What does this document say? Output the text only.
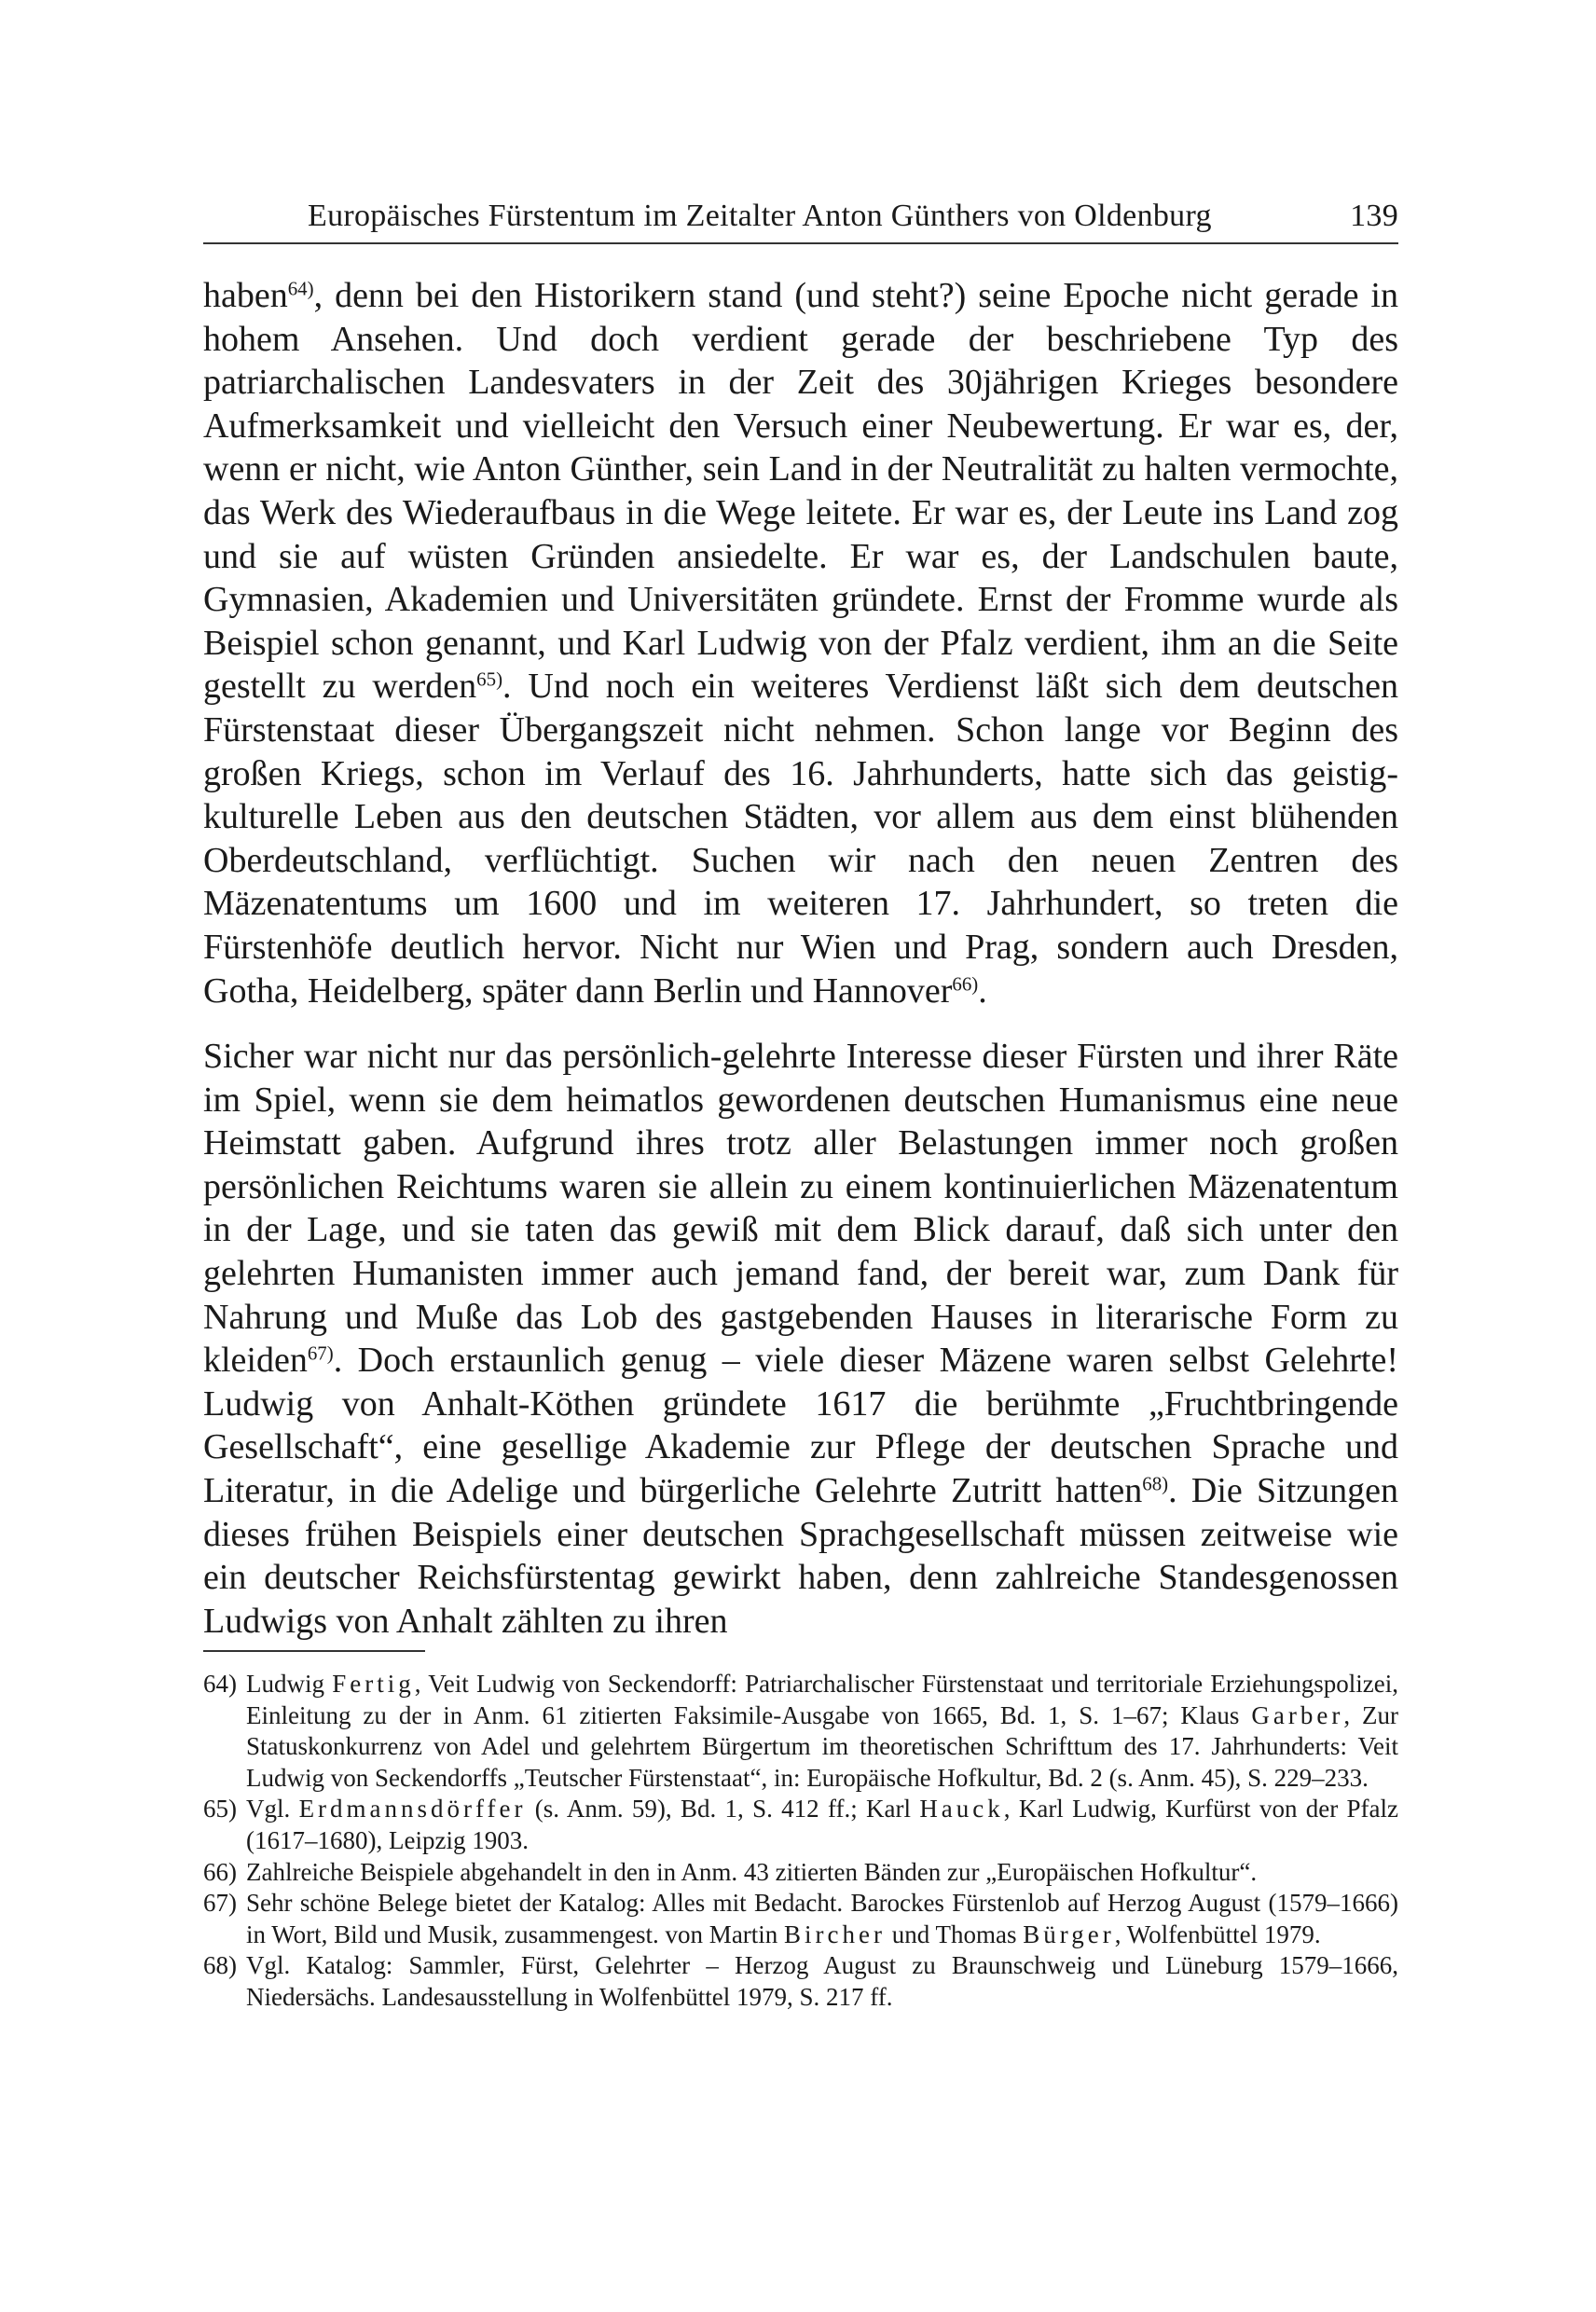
Europäisches Fürstentum im Zeitalter Anton Günthers von Oldenburg	139

haben$^{64)}$, denn bei den Historikern stand (und steht?) seine Epoche nicht gerade in hohem Ansehen. Und doch verdient gerade der beschriebene Typ des patriarchalischen Landesvaters in der Zeit des 30jährigen Krieges besondere Aufmerksamkeit und vielleicht den Versuch einer Neubewertung. Er war es, der, wenn er nicht, wie Anton Günther, sein Land in der Neutralität zu halten vermochte, das Werk des Wiederaufbaus in die Wege leitete. Er war es, der Leute ins Land zog und sie auf wüsten Gründen ansiedelte. Er war es, der Landschulen baute, Gymnasien, Akademien und Universitäten gründete. Ernst der Fromme wurde als Beispiel schon genannt, und Karl Ludwig von der Pfalz verdient, ihm an die Seite gestellt zu werden$^{65)}$. Und noch ein weiteres Verdienst läßt sich dem deutschen Fürstenstaat dieser Übergangszeit nicht nehmen. Schon lange vor Beginn des großen Kriegs, schon im Verlauf des 16. Jahrhunderts, hatte sich das geistig-kulturelle Leben aus den deutschen Städten, vor allem aus dem einst blühenden Oberdeutschland, verflüchtigt. Suchen wir nach den neuen Zentren des Mäzenatentums um 1600 und im weiteren 17. Jahrhundert, so treten die Fürstenhöfe deutlich hervor. Nicht nur Wien und Prag, sondern auch Dresden, Gotha, Heidelberg, später dann Berlin und Hannover$^{66)}$.

Sicher war nicht nur das persönlich-gelehrte Interesse dieser Fürsten und ihrer Räte im Spiel, wenn sie dem heimatlos gewordenen deutschen Humanismus eine neue Heimstatt gaben. Aufgrund ihres trotz aller Belastungen immer noch großen persönlichen Reichtums waren sie allein zu einem kontinuierlichen Mäzenatentum in der Lage, und sie taten das gewiß mit dem Blick darauf, daß sich unter den gelehrten Humanisten immer auch jemand fand, der bereit war, zum Dank für Nahrung und Muße das Lob des gastgebenden Hauses in literarische Form zu kleiden$^{67)}$. Doch erstaunlich genug – viele dieser Mäzene waren selbst Gelehrte! Ludwig von Anhalt-Köthen gründete 1617 die berühmte „Fruchtbringende Gesellschaft“, eine gesellige Akademie zur Pflege der deutschen Sprache und Literatur, in die Adelige und bürgerliche Gelehrte Zutritt hatten$^{68)}$. Die Sitzungen dieses frühen Beispiels einer deutschen Sprachgesellschaft müssen zeitweise wie ein deutscher Reichsfürstentag gewirkt haben, denn zahlreiche Standesgenossen Ludwigs von Anhalt zählten zu ihren

64) Ludwig Fertig, Veit Ludwig von Seckendorff: Patriarchalischer Fürstenstaat und territoriale Erziehungspolizei, Einleitung zu der in Anm. 61 zitierten Faksimile-Ausgabe von 1665, Bd. 1, S. 1–67; Klaus Garber, Zur Statuskonkurrenz von Adel und gelehrtem Bürgertum im theoretischen Schrifttum des 17. Jahrhunderts: Veit Ludwig von Seckendorffs „Teutscher Fürstenstaat“, in: Europäische Hofkultur, Bd. 2 (s. Anm. 45), S. 229–233.
65) Vgl. Erdmannsdörffer (s. Anm. 59), Bd. 1, S. 412 ff.; Karl Hauck, Karl Ludwig, Kurfürst von der Pfalz (1617–1680), Leipzig 1903.
66) Zahlreiche Beispiele abgehandelt in den in Anm. 43 zitierten Bänden zur „Europäischen Hofkultur“.
67) Sehr schöne Belege bietet der Katalog: Alles mit Bedacht. Barockes Fürstenlob auf Herzog August (1579–1666) in Wort, Bild und Musik, zusammengest. von Martin Bircher und Thomas Bürger, Wolfenbüttel 1979.
68) Vgl. Katalog: Sammler, Fürst, Gelehrter – Herzog August zu Braunschweig und Lüneburg 1579–1666, Niedersächs. Landesausstellung in Wolfenbüttel 1979, S. 217 ff.
